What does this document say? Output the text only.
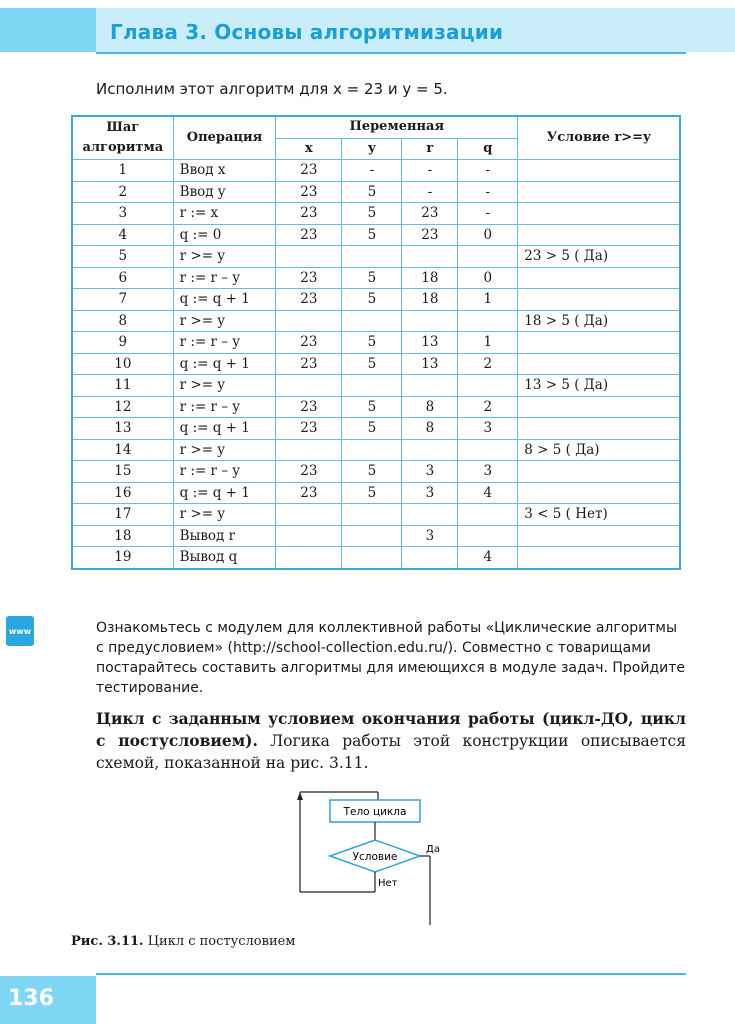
Глава 3. Основы алгоритмизации
Исполним этот алгоритм для x = 23 и y = 5.
Шаг алгоритма	Операция	Переменная				Условие r>=y
		x	y	r	q	
1	Ввод x	23	-	-	-	
2	Ввод y	23	5	-	-	
3	r := x	23	5	23	-	
4	q := 0	23	5	23	0	
5	r >= y					23 > 5 ( Да)
6	r := r – y	23	5	18	0	
7	q := q + 1	23	5	18	1	
8	r >= y					18 > 5 ( Да)
9	r := r – y	23	5	13	1	
10	q := q + 1	23	5	13	2	
11	r >= y					13 > 5 ( Да)
12	r := r – y	23	5	8	2	
13	q := q + 1	23	5	8	3	
14	r >= y					8 > 5 ( Да)
15	r := r – y	23	5	3	3	
16	q := q + 1	23	5	3	4	
17	r >= y					3 < 5 ( Нет)
18	Вывод r			3		
19	Вывод q				4	
www	Ознакомьтесь с модулем для коллективной работы «Циклические алгоритмы с предусловием» (http://school-collection.edu.ru/). Совместно с товарищами постарайтесь составить алгоритмы для имеющихся в модуле задач. Пройдите тестирование.
Цикл с заданным условием окончания работы (цикл-ДО, цикл с постусловием). Логика работы этой конструкции описывается схемой, показанной на рис. 3.11.
Тело цикла
Условие
Да
Нет
Рис. 3.11. Цикл с постусловием
136
